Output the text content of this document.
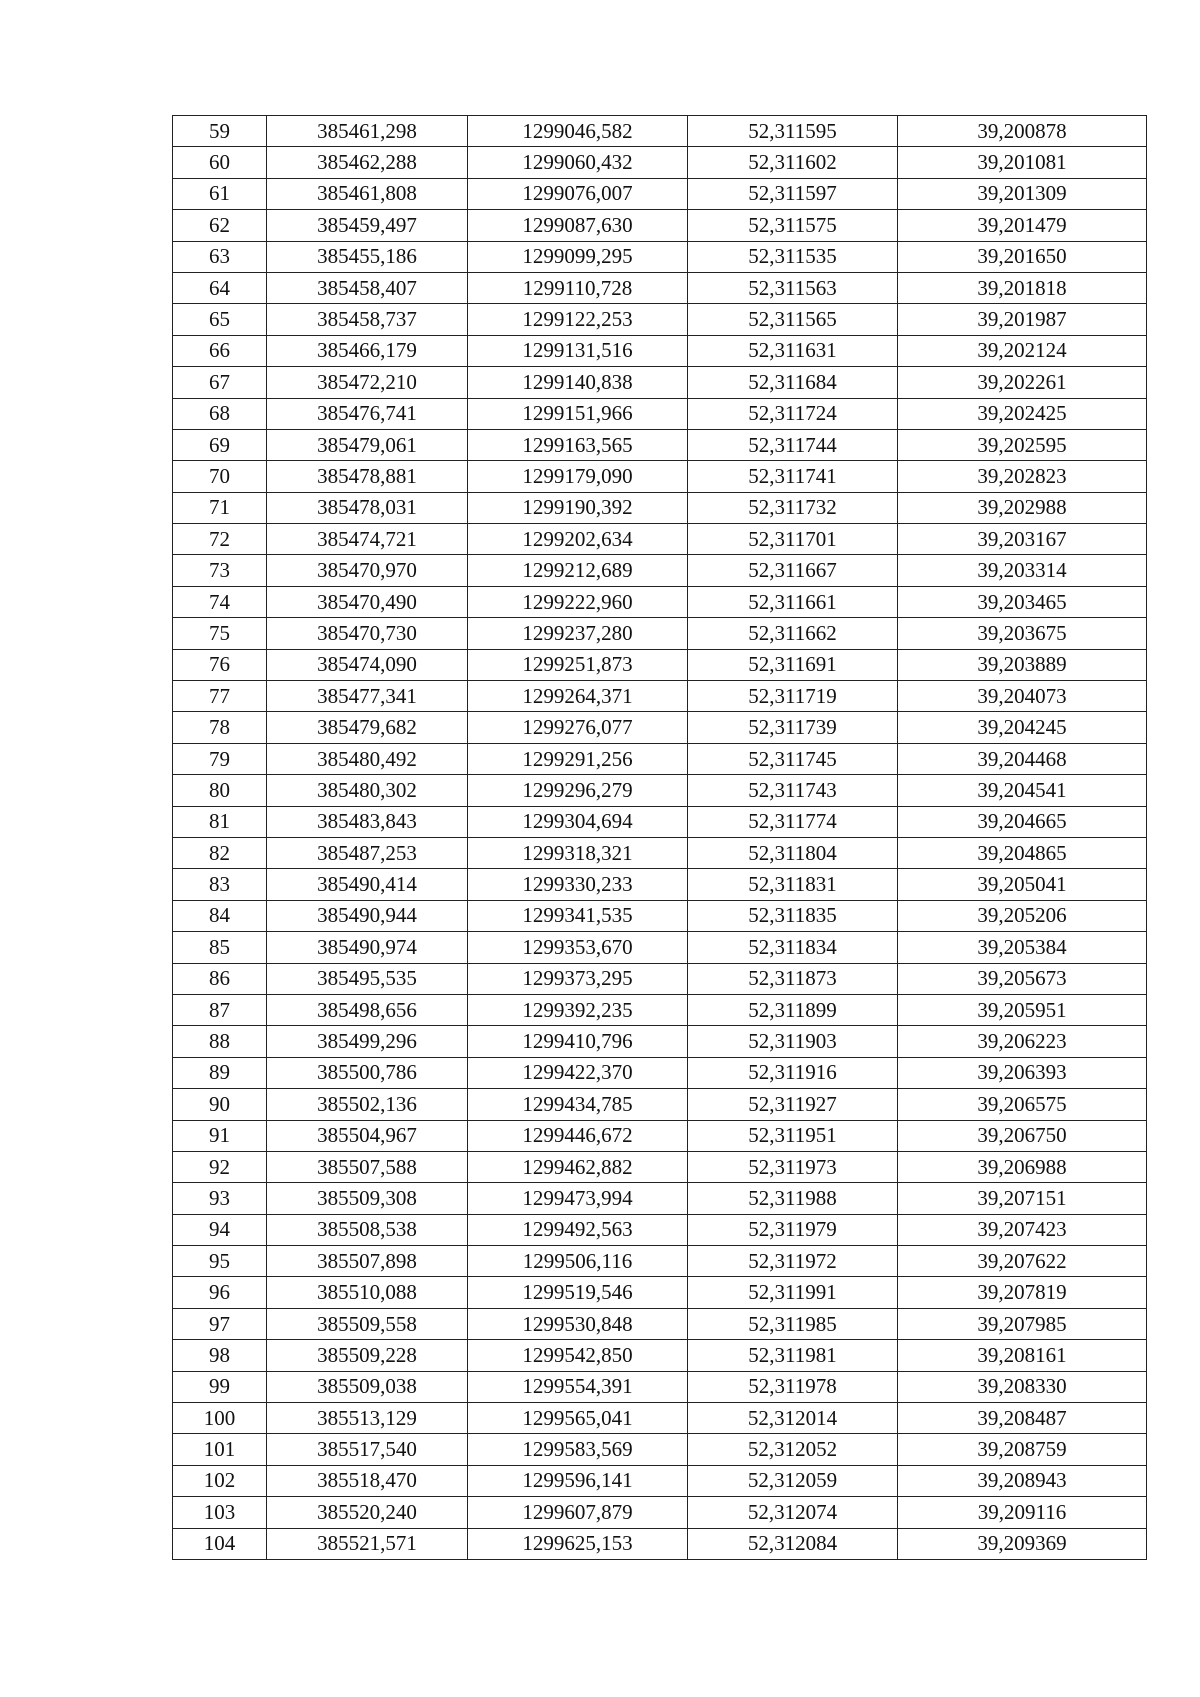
59	385461,298	1299046,582	52,311595	39,200878
60	385462,288	1299060,432	52,311602	39,201081
61	385461,808	1299076,007	52,311597	39,201309
62	385459,497	1299087,630	52,311575	39,201479
63	385455,186	1299099,295	52,311535	39,201650
64	385458,407	1299110,728	52,311563	39,201818
65	385458,737	1299122,253	52,311565	39,201987
66	385466,179	1299131,516	52,311631	39,202124
67	385472,210	1299140,838	52,311684	39,202261
68	385476,741	1299151,966	52,311724	39,202425
69	385479,061	1299163,565	52,311744	39,202595
70	385478,881	1299179,090	52,311741	39,202823
71	385478,031	1299190,392	52,311732	39,202988
72	385474,721	1299202,634	52,311701	39,203167
73	385470,970	1299212,689	52,311667	39,203314
74	385470,490	1299222,960	52,311661	39,203465
75	385470,730	1299237,280	52,311662	39,203675
76	385474,090	1299251,873	52,311691	39,203889
77	385477,341	1299264,371	52,311719	39,204073
78	385479,682	1299276,077	52,311739	39,204245
79	385480,492	1299291,256	52,311745	39,204468
80	385480,302	1299296,279	52,311743	39,204541
81	385483,843	1299304,694	52,311774	39,204665
82	385487,253	1299318,321	52,311804	39,204865
83	385490,414	1299330,233	52,311831	39,205041
84	385490,944	1299341,535	52,311835	39,205206
85	385490,974	1299353,670	52,311834	39,205384
86	385495,535	1299373,295	52,311873	39,205673
87	385498,656	1299392,235	52,311899	39,205951
88	385499,296	1299410,796	52,311903	39,206223
89	385500,786	1299422,370	52,311916	39,206393
90	385502,136	1299434,785	52,311927	39,206575
91	385504,967	1299446,672	52,311951	39,206750
92	385507,588	1299462,882	52,311973	39,206988
93	385509,308	1299473,994	52,311988	39,207151
94	385508,538	1299492,563	52,311979	39,207423
95	385507,898	1299506,116	52,311972	39,207622
96	385510,088	1299519,546	52,311991	39,207819
97	385509,558	1299530,848	52,311985	39,207985
98	385509,228	1299542,850	52,311981	39,208161
99	385509,038	1299554,391	52,311978	39,208330
100	385513,129	1299565,041	52,312014	39,208487
101	385517,540	1299583,569	52,312052	39,208759
102	385518,470	1299596,141	52,312059	39,208943
103	385520,240	1299607,879	52,312074	39,209116
104	385521,571	1299625,153	52,312084	39,209369
